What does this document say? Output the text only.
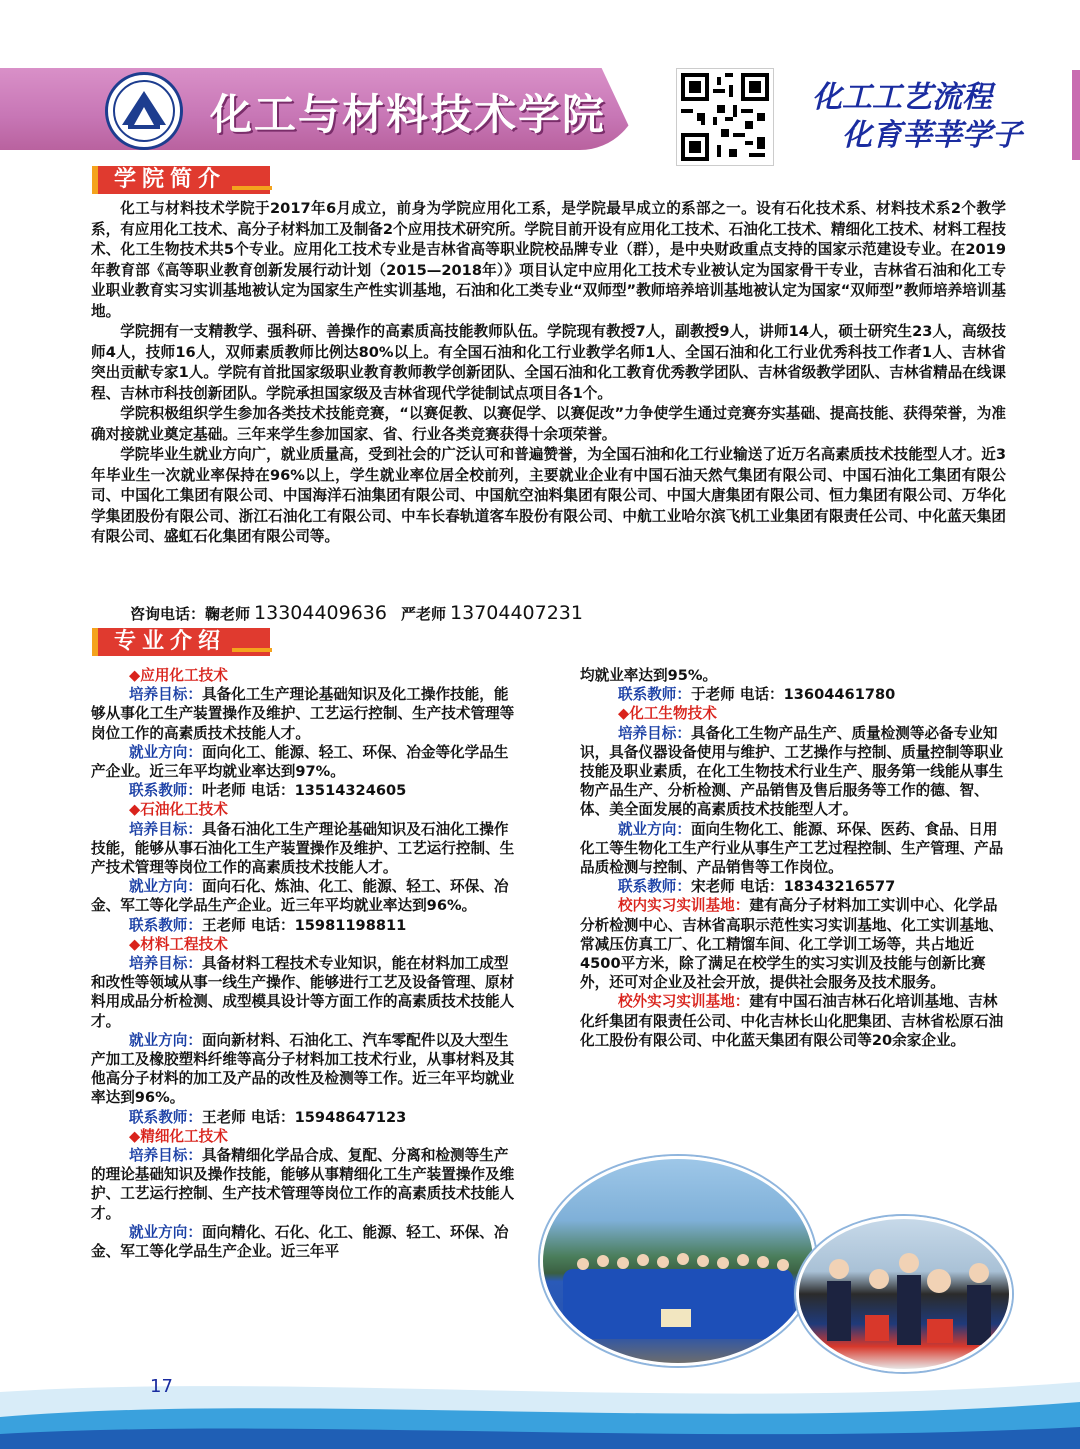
化工与材料技术学院	化工工艺流程
化育莘莘学子
学院简介

化工与材料技术学院于2017年6月成立，前身为学院应用化工系，是学院最早成立的系部之一。设有石化技术系、材料技术系2个教学系，有应用化工技术、高分子材料加工及制备2个应用技术研究所。学院目前开设有应用化工技术、石油化工技术、精细化工技术、材料工程技术、化工生物技术共5个专业。应用化工技术专业是吉林省高等职业院校品牌专业（群），是中央财政重点支持的国家示范建设专业。在2019年教育部《高等职业教育创新发展行动计划（2015—2018年）》项目认定中应用化工技术专业被认定为国家骨干专业，吉林省石油和化工专业职业教育实习实训基地被认定为国家生产性实训基地，石油和化工类专业“双师型”教师培养培训基地被认定为国家“双师型”教师培养培训基地。

学院拥有一支精教学、强科研、善操作的高素质高技能教师队伍。学院现有教授7人，副教授9人，讲师14人，硕士研究生23人，高级技师4人，技师16人，双师素质教师比例达80%以上。有全国石油和化工行业教学名师1人、全国石油和化工行业优秀科技工作者1人、吉林省突出贡献专家1人。学院有首批国家级职业教育教师教学创新团队、全国石油和化工教育优秀教学团队、吉林省级教学团队、吉林省精品在线课程、吉林市科技创新团队。学院承担国家级及吉林省现代学徒制试点项目各1个。

学院积极组织学生参加各类技术技能竞赛，“以赛促教、以赛促学、以赛促改”力争使学生通过竞赛夯实基础、提高技能、获得荣誉，为准确对接就业奠定基础。三年来学生参加国家、省、行业各类竞赛获得十余项荣誉。

学院毕业生就业方向广，就业质量高，受到社会的广泛认可和普遍赞誉，为全国石油和化工行业输送了近万名高素质技术技能型人才。近3年毕业生一次就业率保持在96%以上，学生就业率位居全校前列，主要就业企业有中国石油天然气集团有限公司、中国石油化工集团有限公司、中国化工集团有限公司、中国海洋石油集团有限公司、中国航空油料集团有限公司、中国大唐集团有限公司、恒力集团有限公司、万华化学集团股份有限公司、浙江石油化工有限公司、中车长春轨道客车股份有限公司、中航工业哈尔滨飞机工业集团有限责任公司、中化蓝天集团有限公司、盛虹石化集团有限公司等。

咨询电话：鞠老师 13304409636 严老师 13704407231
专业介绍

◆应用化工技术

培养目标：具备化工生产理论基础知识及化工操作技能，能够从事化工生产装置操作及维护、工艺运行控制、生产技术管理等岗位工作的高素质技术技能人才。

就业方向：面向化工、能源、轻工、环保、冶金等化学品生产企业。近三年平均就业率达到97%。

联系教师：叶老师 电话：13514324605

◆石油化工技术

培养目标：具备石油化工生产理论基础知识及石油化工操作技能，能够从事石油化工生产装置操作及维护、工艺运行控制、生产技术管理等岗位工作的高素质技术技能人才。

就业方向：面向石化、炼油、化工、能源、轻工、环保、冶金、军工等化学品生产企业。近三年平均就业率达到96%。

联系教师：王老师 电话：15981198811

◆材料工程技术

培养目标：具备材料工程技术专业知识，能在材料加工成型和改性等领域从事一线生产操作、能够进行工艺及设备管理、原材料用成品分析检测、成型模具设计等方面工作的高素质技术技能人才。

就业方向：面向新材料、石油化工、汽车零配件以及大型生产加工及橡胶塑料纤维等高分子材料加工技术行业，从事材料及其他高分子材料的加工及产品的改性及检测等工作。近三年平均就业率达到96%。

联系教师：王老师 电话：15948647123

◆精细化工技术

培养目标：具备精细化学品合成、复配、分离和检测等生产的理论基础知识及操作技能，能够从事精细化工生产装置操作及维护、工艺运行控制、生产技术管理等岗位工作的高素质技术技能人才。

就业方向：面向精化、石化、化工、能源、轻工、环保、冶金、军工等化学品生产企业。近三年平

均就业率达到95%。

联系教师：于老师 电话：13604461780

◆化工生物技术

培养目标：具备化工生物产品生产、质量检测等必备专业知识，具备仪器设备使用与维护、工艺操作与控制、质量控制等职业技能及职业素质，在化工生物技术行业生产、服务第一线能从事生物产品生产、分析检测、产品销售及售后服务等工作的德、智、体、美全面发展的高素质技术技能型人才。

就业方向：面向生物化工、能源、环保、医药、食品、日用化工等生物化工生产行业从事生产工艺过程控制、生产管理、产品品质检测与控制、产品销售等工作岗位。

联系教师：宋老师 电话：18343216577

校内实习实训基地：建有高分子材料加工实训中心、化学品分析检测中心、吉林省高职示范性实习实训基地、化工实训基地、常减压仿真工厂、化工精馏车间、化工学训工场等，共占地近4500平方米，除了满足在校学生的实习实训及技能与创新比赛外，还可对企业及社会开放，提供社会服务及技术服务。

校外实习实训基地：建有中国石油吉林石化培训基地、吉林化纤集团有限责任公司、中化吉林长山化肥集团、吉林省松原石油化工股份有限公司、中化蓝天集团有限公司等20余家企业。

17
